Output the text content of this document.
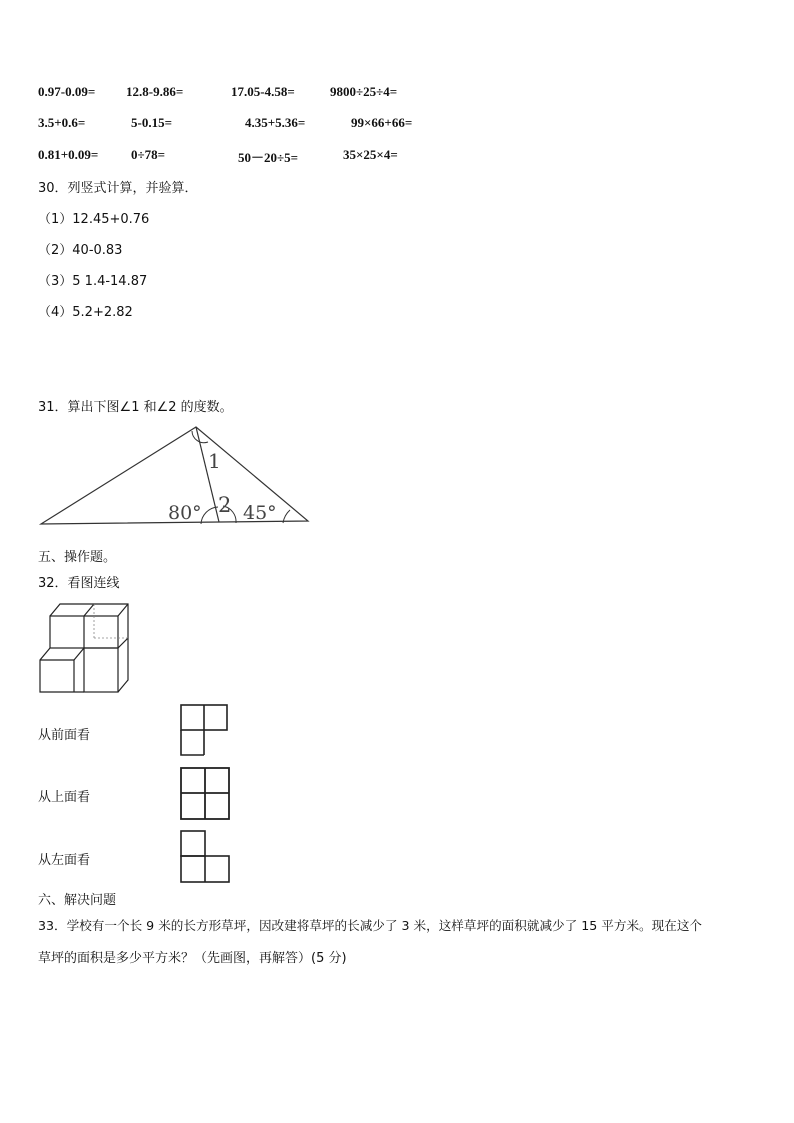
0.97-0.09= 12.8-9.86=	17.05-4.58=	9800÷25÷4=
3.5+0.6=	5-0.15=	4.35+5.36=	99×66+66=
0.81+0.09=	0÷78=	50－20÷5=	35×25×4=
30．列竖式计算，并验算．
（1）12.45+0.76
（2）40-0.83
（3）5 1.4-14.87
（4）5.2+2.82
31．算出下图∠1 和∠2 的度数。
1
2
80° 45°
五、操作题。
32．看图连线
从前面看
从上面看
从左面看
六、解决问题
33．学校有一个长 9 米的长方形草坪，因改建将草坪的长减少了 3 米，这样草坪的面积就减少了 15 平方米。现在这个
草坪的面积是多少平方米？（先画图，再解答）(5 分)
